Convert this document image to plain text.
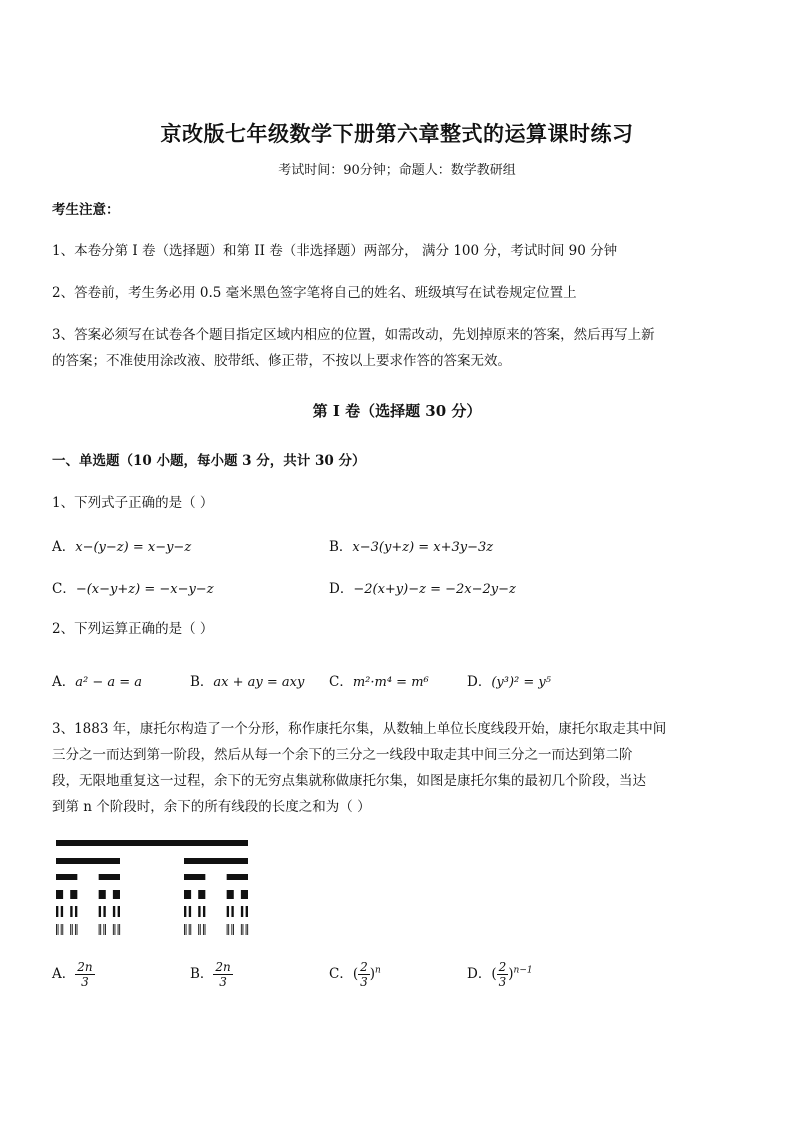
京改版七年级数学下册第六章整式的运算课时练习
考试时间：90分钟；命题人：数学教研组
考生注意：
1、本卷分第 I 卷（选择题）和第 II 卷（非选择题）两部分， 满分 100 分，考试时间 90 分钟
2、答卷前，考生务必用 0.5 毫米黑色签字笔将自己的姓名、班级填写在试卷规定位置上
3、答案必须写在试卷各个题目指定区域内相应的位置，如需改动，先划掉原来的答案，然后再写上新
的答案；不准使用涂改液、胶带纸、修正带，不按以上要求作答的答案无效。
第 I 卷（选择题 30 分）
一、单选题（10 小题，每小题 3 分，共计 30 分）
1、下列式子正确的是（ ）
A．x−(y−z) = x−y−z	B．x−3(y+z) = x+3y−3z
C．−(x−y+z) = −x−y−z	D．−2(x+y)−z = −2x−2y−z
2、下列运算正确的是（ ）
A．a² − a = a	B．ax + ay = axy C．m²·m⁴ = m⁶	D．(y³)² = y⁵
3、1883 年，康托尔构造了一个分形，称作康托尔集，从数轴上单位长度线段开始，康托尔取走其中间
三分之一而达到第一阶段，然后从每一个余下的三分之一线段中取走其中间三分之一而达到第二阶
段，无限地重复这一过程，余下的无穷点集就称做康托尔集，如图是康托尔集的最初几个阶段，当达
到第 n 个阶段时，余下的所有线段的长度之和为（ ）
A． $\frac{2n}{3}$	B． $\frac{2n}{3}$	C．( $\frac{2}{3} )^n$	D．( $\frac{2}{3} )^{n-1}$
